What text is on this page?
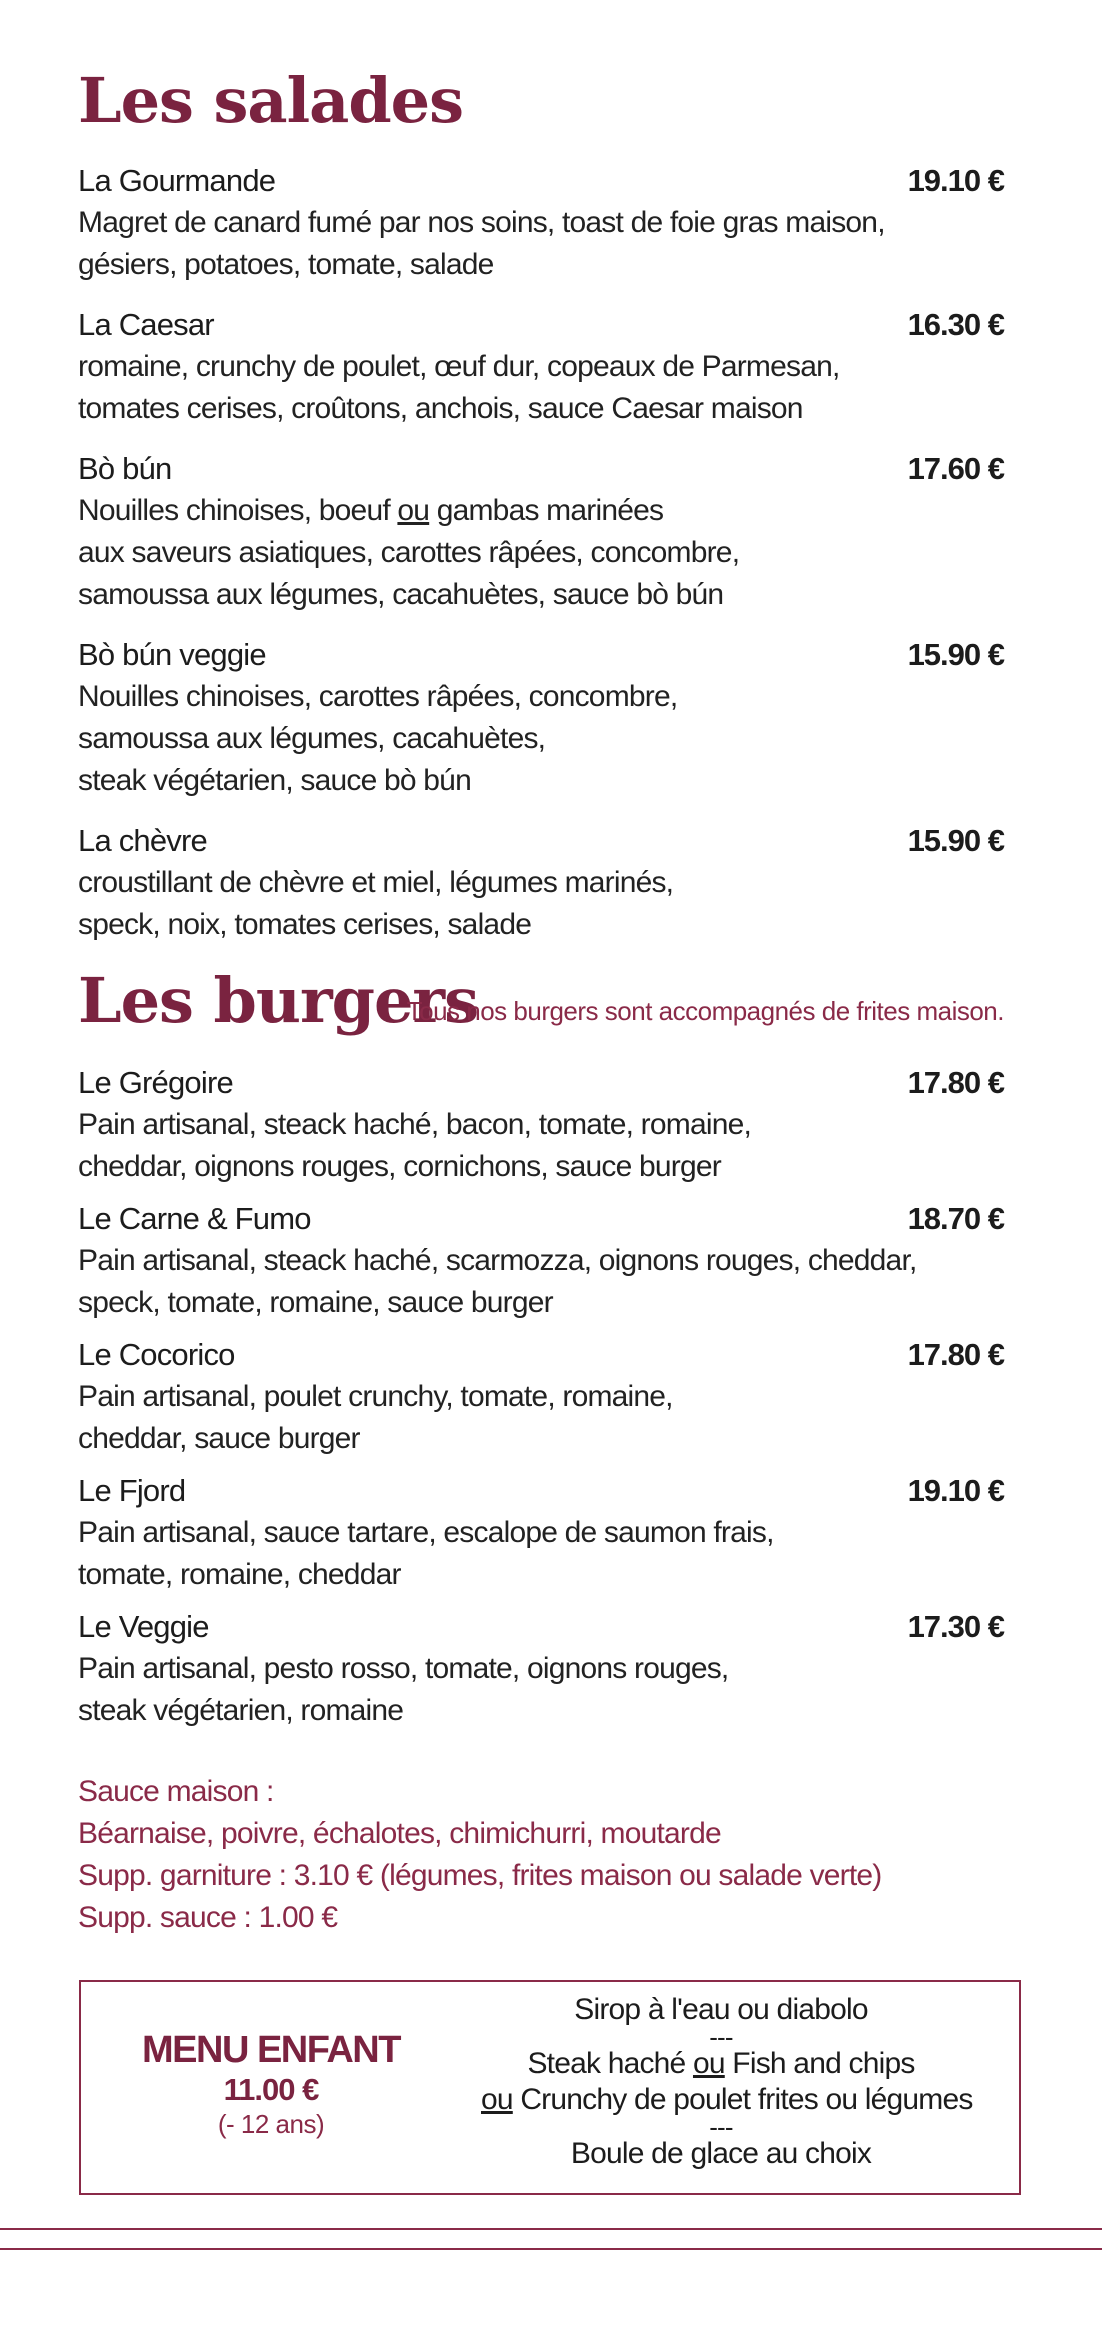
Les salades
La Gourmande	19.10 €
Magret de canard fumé par nos soins, toast de foie gras maison,
gésiers, potatoes, tomate, salade
La Caesar	16.30 €
romaine, crunchy de poulet, œuf dur, copeaux de Parmesan,
tomates cerises, croûtons, anchois, sauce Caesar maison
Bò bún	17.60 €
Nouilles chinoises, boeuf ou gambas marinées
aux saveurs asiatiques, carottes râpées, concombre,
samoussa aux légumes, cacahuètes, sauce bò bún
Bò bún veggie	15.90 €
Nouilles chinoises, carottes râpées, concombre,
samoussa aux légumes, cacahuètes,
steak végétarien, sauce bò bún
La chèvre	15.90 €
croustillant de chèvre et miel, légumes marinés,
speck, noix, tomates cerises, salade
Les burgers
Tous nos burgers sont accompagnés de frites maison.
Le Grégoire	17.80 €
Pain artisanal, steack haché, bacon, tomate, romaine,
cheddar, oignons rouges, cornichons, sauce burger
Le Carne & Fumo	18.70 €
Pain artisanal, steack haché, scarmozza, oignons rouges, cheddar,
speck, tomate, romaine, sauce burger
Le Cocorico	17.80 €
Pain artisanal, poulet crunchy, tomate, romaine,
cheddar, sauce burger
Le Fjord	19.10 €
Pain artisanal, sauce tartare, escalope de saumon frais,
tomate, romaine, cheddar
Le Veggie	17.30 €
Pain artisanal, pesto rosso, tomate, oignons rouges,
steak végétarien, romaine
Sauce maison :
Béarnaise, poivre, échalotes, chimichurri, moutarde
Supp. garniture : 3.10 € (légumes, frites maison ou salade verte)
Supp. sauce : 1.00 €
MENU ENFANT
11.00 €
(- 12 ans)
Sirop à l'eau ou diabolo
---
Steak haché ou Fish and chips
ou Crunchy de poulet frites ou légumes
---
Boule de glace au choix
